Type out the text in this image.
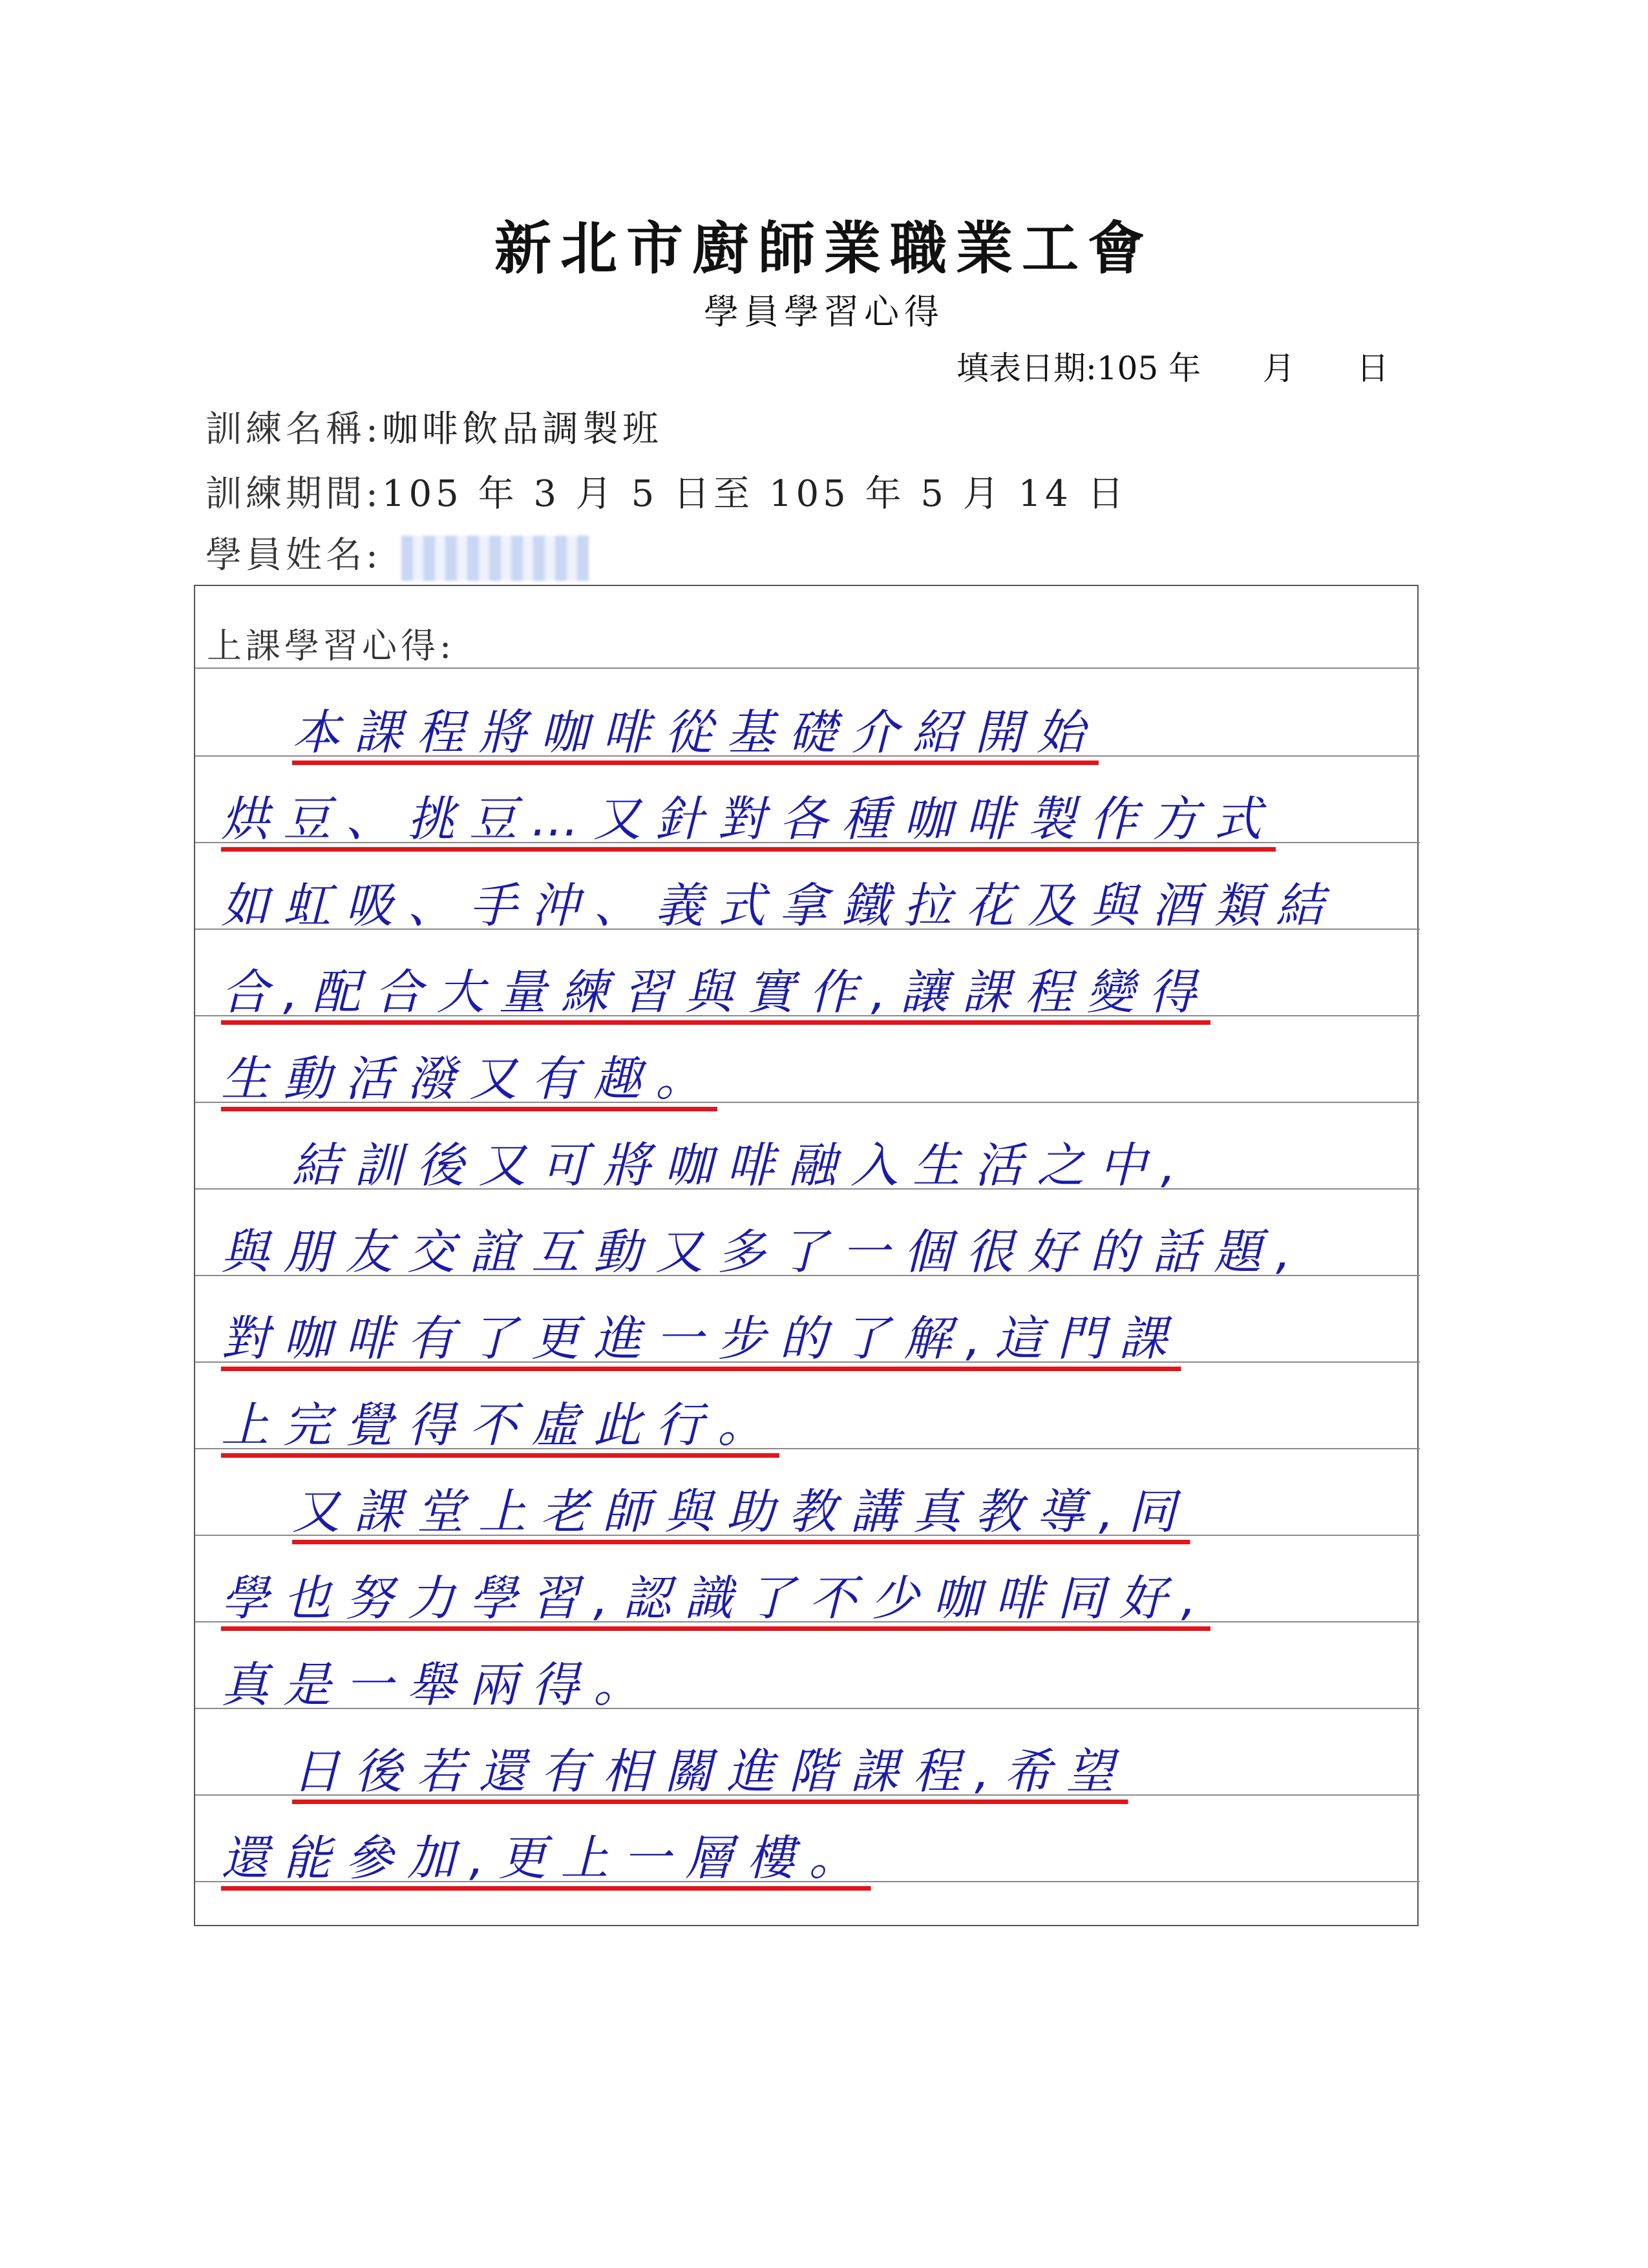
新北市廚師業職業工會
學員學習心得
填表日期:105 年 月 日
訓練名稱:咖啡飲品調製班
訓練期間:105 年 3 月 5 日至 105 年 5 月 14 日
學員姓名:
上課學習心得:
本課程將咖啡從基礎介紹開始
烘豆、挑豆…又針對各種咖啡製作方式
如虹吸、手沖、義式拿鐵拉花及與酒類結
合,配合大量練習與實作,讓課程變得
生動活潑又有趣。
結訓後又可將咖啡融入生活之中,
與朋友交誼互動又多了一個很好的話題,
對咖啡有了更進一步的了解,這門課
上完覺得不虛此行。
又課堂上老師與助教講真教導,同
學也努力學習,認識了不少咖啡同好,
真是一舉兩得。
日後若還有相關進階課程,希望
還能參加,更上一層樓。
